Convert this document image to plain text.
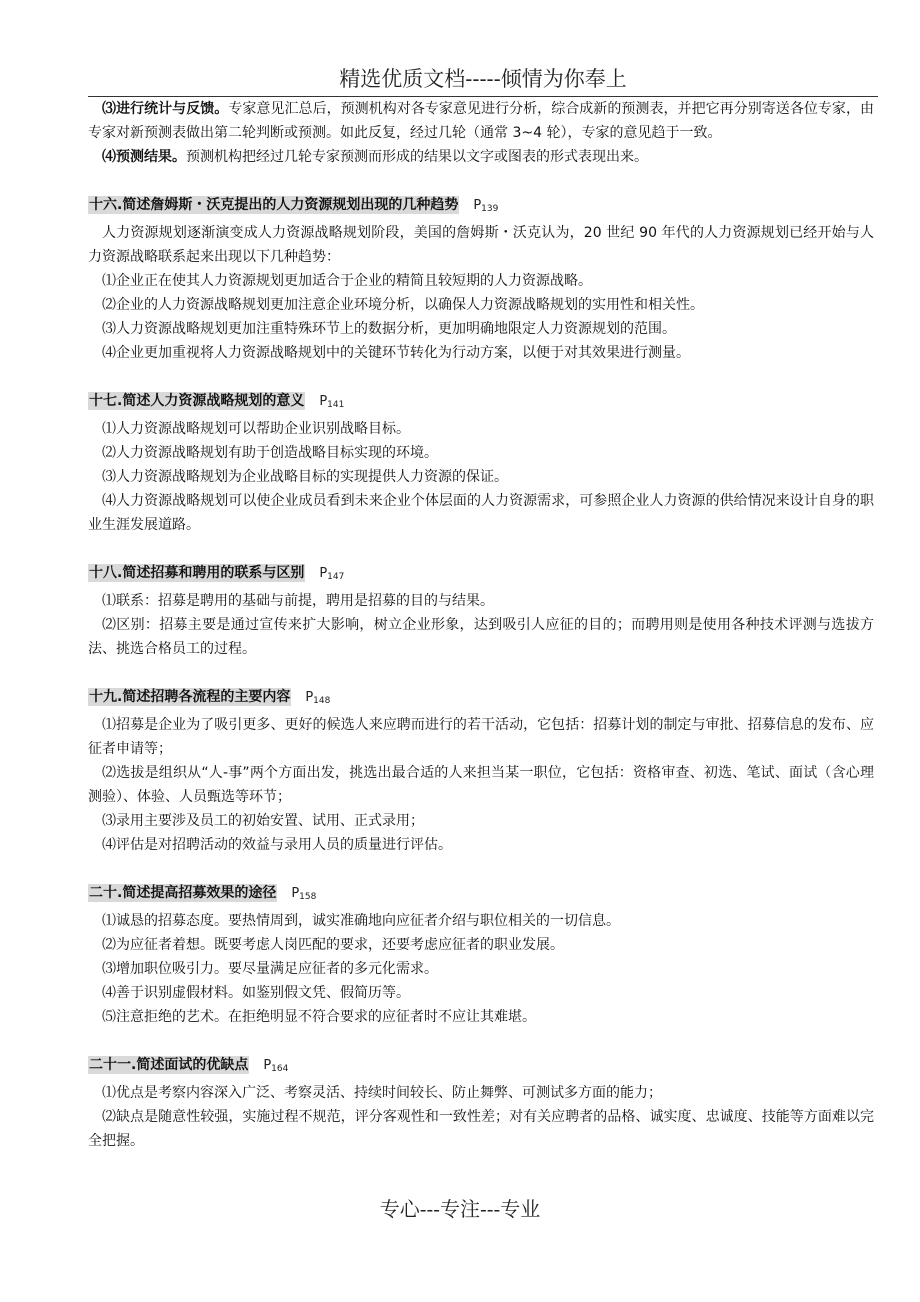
精选优质文档-----倾情为你奉上

⑶进行统计与反馈。专家意见汇总后，预测机构对各专家意见进行分析，综合成新的预测表，并把它再分别寄送各位专家，由专家对新预测表做出第二轮判断或预测。如此反复，经过几轮（通常 3~4 轮），专家的意见趋于一致。

⑷预测结果。预测机构把经过几轮专家预测而形成的结果以文字或图表的形式表现出来。

十六.简述詹姆斯・沃克提出的人力资源规划出现的几种趋势 $P_{139}$

人力资源规划逐渐演变成人力资源战略规划阶段，美国的詹姆斯・沃克认为，20 世纪 90 年代的人力资源规划已经开始与人力资源战略联系起来出现以下几种趋势：

⑴企业正在使其人力资源规划更加适合于企业的精简且较短期的人力资源战略。

⑵企业的人力资源战略规划更加注意企业环境分析，以确保人力资源战略规划的实用性和相关性。

⑶人力资源战略规划更加注重特殊环节上的数据分析，更加明确地限定人力资源规划的范围。

⑷企业更加重视将人力资源战略规划中的关键环节转化为行动方案，以便于对其效果进行测量。

十七.简述人力资源战略规划的意义 $P_{141}$

⑴人力资源战略规划可以帮助企业识别战略目标。

⑵人力资源战略规划有助于创造战略目标实现的环境。

⑶人力资源战略规划为企业战略目标的实现提供人力资源的保证。

⑷人力资源战略规划可以使企业成员看到未来企业个体层面的人力资源需求，可参照企业人力资源的供给情况来设计自身的职业生涯发展道路。

十八.简述招募和聘用的联系与区别 $P_{147}$

⑴联系：招募是聘用的基础与前提，聘用是招募的目的与结果。

⑵区别：招募主要是通过宣传来扩大影响，树立企业形象，达到吸引人应征的目的；而聘用则是使用各种技术评测与选拔方法、挑选合格员工的过程。

十九.简述招聘各流程的主要内容 $P_{148}$

⑴招募是企业为了吸引更多、更好的候选人来应聘而进行的若干活动，它包括：招募计划的制定与审批、招募信息的发布、应征者申请等；

⑵选拔是组织从“人-事”两个方面出发，挑选出最合适的人来担当某一职位，它包括：资格审查、初选、笔试、面试（含心理测验）、体验、人员甄选等环节；

⑶录用主要涉及员工的初始安置、试用、正式录用；

⑷评估是对招聘活动的效益与录用人员的质量进行评估。

二十.简述提高招募效果的途径 $P_{158}$

⑴诚恳的招募态度。要热情周到，诚实准确地向应征者介绍与职位相关的一切信息。

⑵为应征者着想。既要考虑人岗匹配的要求，还要考虑应征者的职业发展。

⑶增加职位吸引力。要尽量满足应征者的多元化需求。

⑷善于识别虚假材料。如鉴别假文凭、假简历等。

⑸注意拒绝的艺术。在拒绝明显不符合要求的应征者时不应让其难堪。

二十一.简述面试的优缺点 $P_{164}$

⑴优点是考察内容深入广泛、考察灵活、持续时间较长、防止舞弊、可测试多方面的能力；

⑵缺点是随意性较强，实施过程不规范，评分客观性和一致性差；对有关应聘者的品格、诚实度、忠诚度、技能等方面难以完全把握。

专心---专注---专业
